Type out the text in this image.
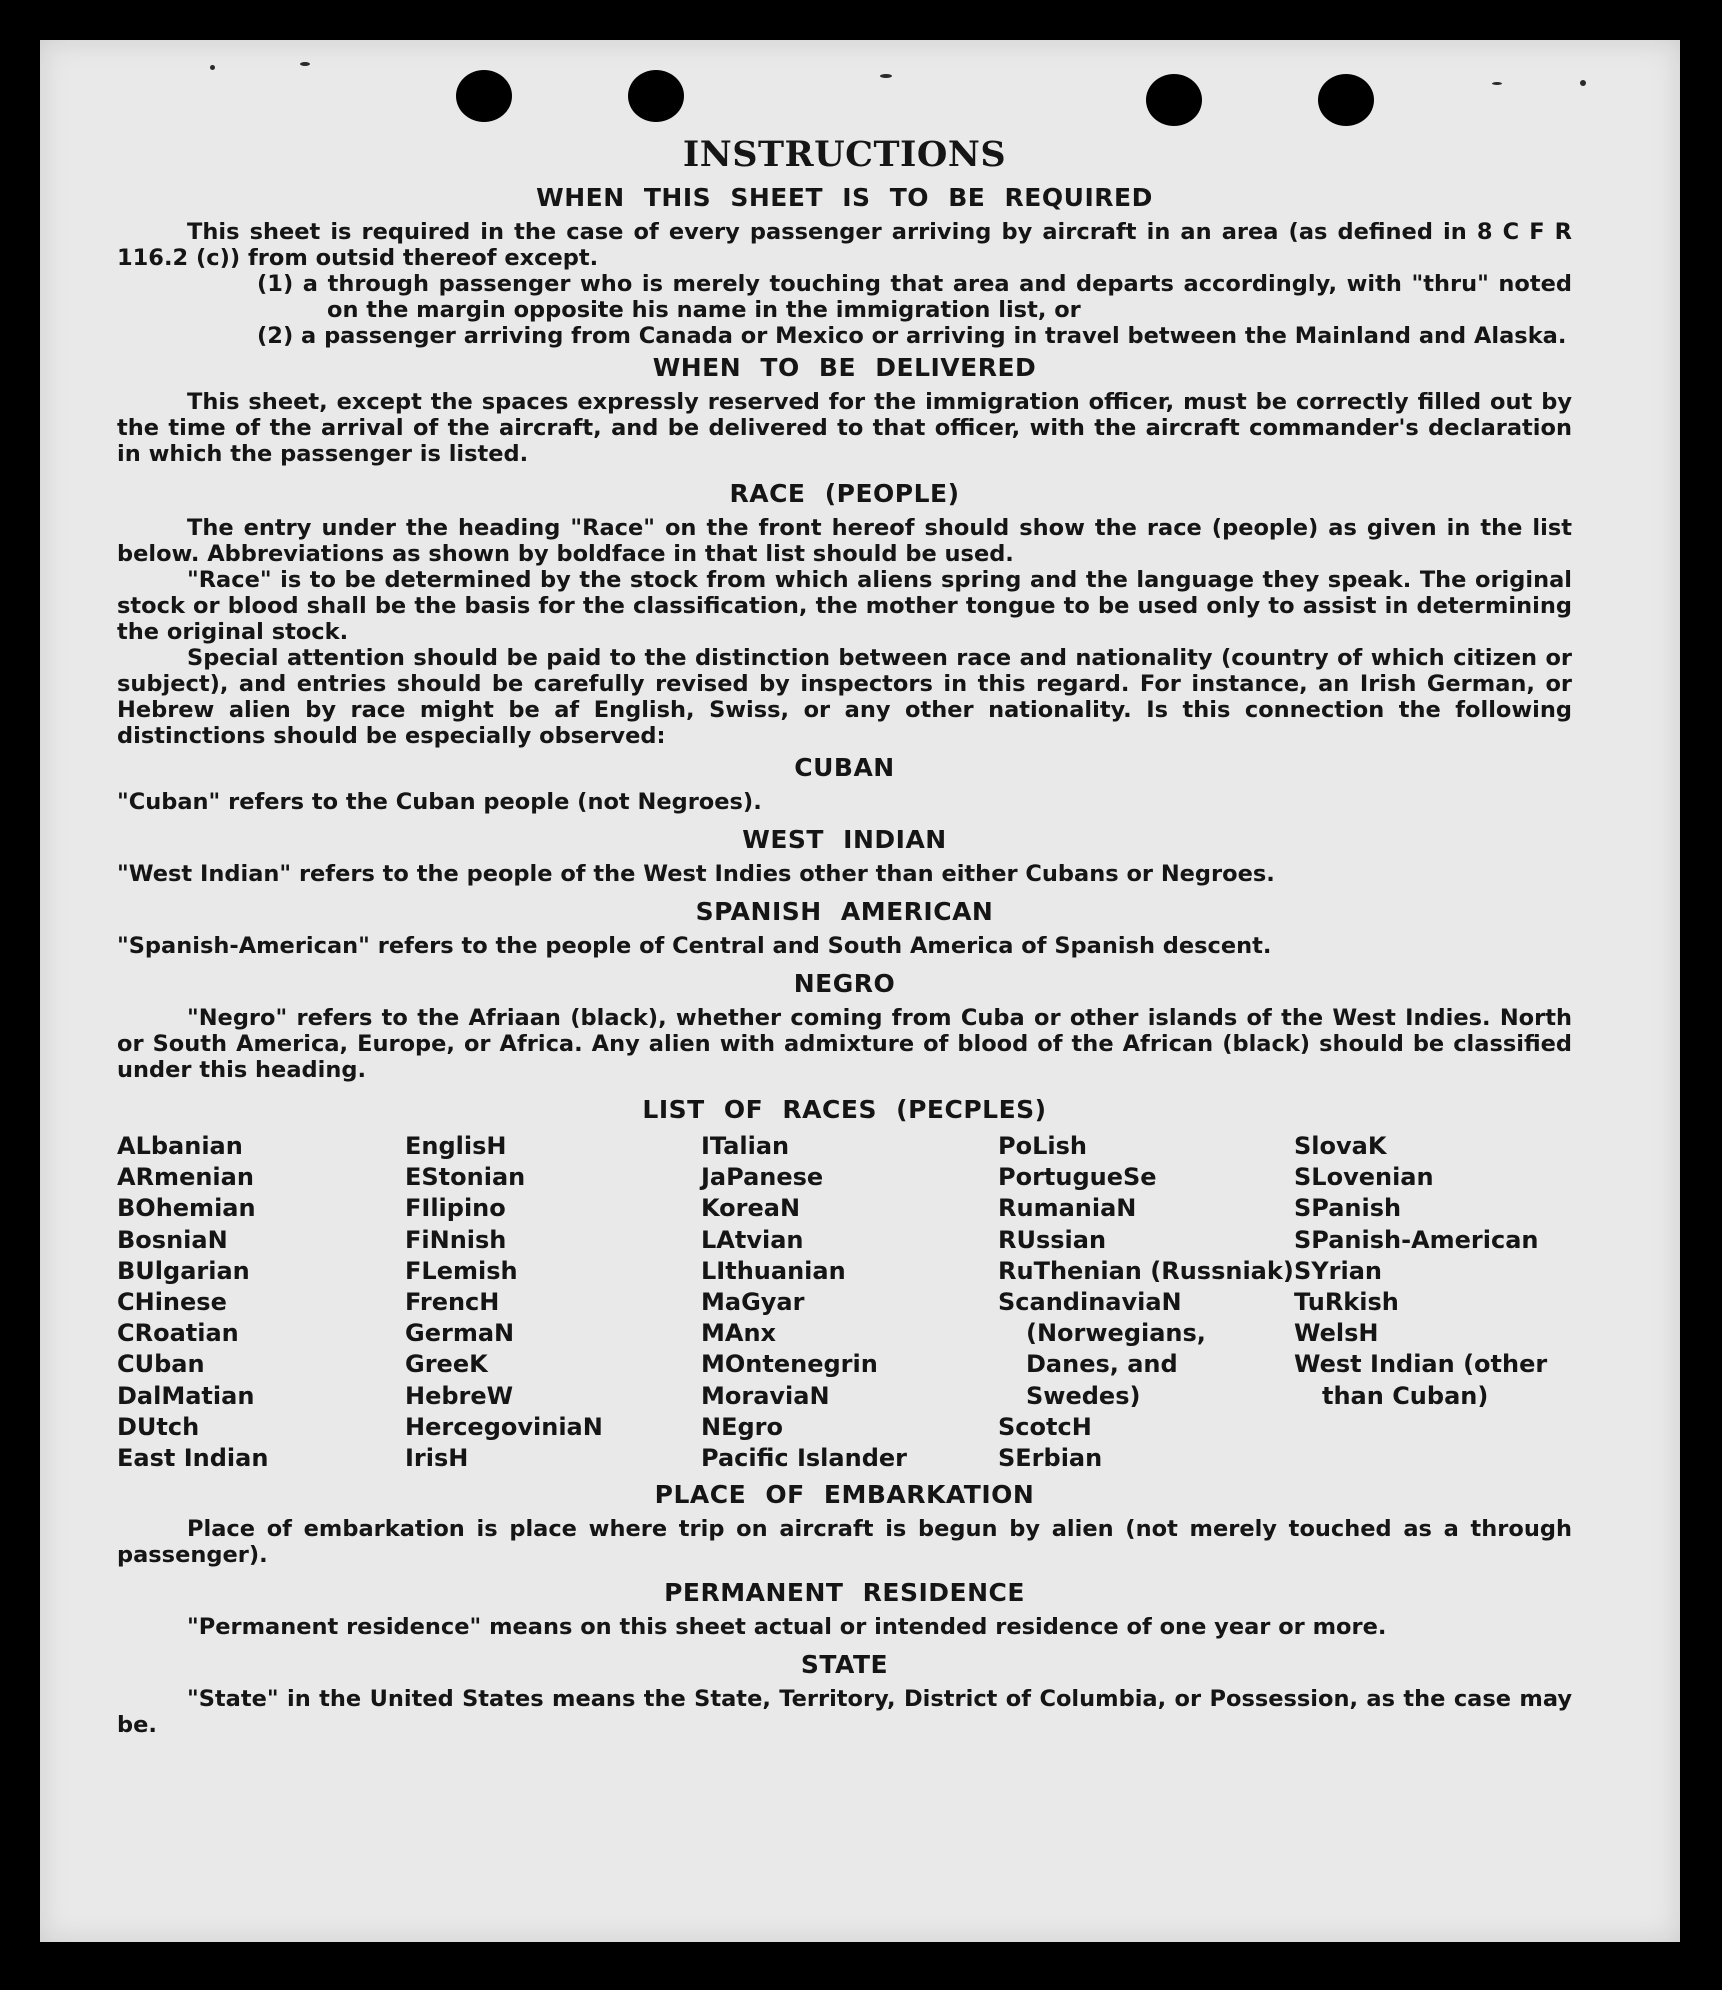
INSTRUCTIONS
WHEN THIS SHEET IS TO BE REQUIRED

This sheet is required in the case of every passenger arriving by aircraft in an area (as defined in 8 C F R 116.2 (c)) from outsid thereof except.

(1) a through passenger who is merely touching that area and departs accordingly, with "thru" noted on the margin opposite his name in the immigration list, or
(2) a passenger arriving from Canada or Mexico or arriving in travel between the Mainland and Alaska.
WHEN TO BE DELIVERED

This sheet, except the spaces expressly reserved for the immigration officer, must be correctly filled out by the time of the arrival of the aircraft, and be delivered to that officer, with the aircraft commander's declaration in which the passenger is listed.

RACE (PEOPLE)

The entry under the heading "Race" on the front hereof should show the race (people) as given in the list below. Abbreviations as shown by boldface in that list should be used.

"Race" is to be determined by the stock from which aliens spring and the language they speak. The original stock or blood shall be the basis for the classification, the mother tongue to be used only to assist in determining the original stock.

Special attention should be paid to the distinction between race and nationality (country of which citizen or subject), and entries should be carefully revised by inspectors in this regard. For instance, an Irish German, or Hebrew alien by race might be af English, Swiss, or any other nationality. Is this connection the following distinctions should be especially observed:

CUBAN

"Cuban" refers to the Cuban people (not Negroes).

WEST INDIAN

"West Indian" refers to the people of the West Indies other than either Cubans or Negroes.

SPANISH AMERICAN

"Spanish-American" refers to the people of Central and South America of Spanish descent.

NEGRO

"Negro" refers to the Afriaan (black), whether coming from Cuba or other islands of the West Indies. North or South America, Europe, or Africa. Any alien with admixture of blood of the African (black) should be classified under this heading.

LIST OF RACES (PECPLES)
ALbanian
ARmenian
BOhemian
BosniaN
BUlgarian
CHinese
CRoatian
CUban
DalMatian
DUtch
East Indian
EnglisH
EStonian
FIlipino
FiNnish
FLemish
FrencH
GermaN
GreeK
HebreW
HercegoviniaN
IrisH
ITalian
JaPanese
KoreaN
LAtvian
LIthuanian
MaGyar
MAnx
MOntenegrin
MoraviaN
NEgro
Pacific Islander
PoLish
PortugueSe
RumaniaN
RUssian
RuThenian (Russniak)
ScandinaviaN (Norwegians, Danes, and Swedes)
ScotcH
SErbian
SlovaK
SLovenian
SPanish
SPanish-American
SYrian
TuRkish
WelsH
West Indian (other than Cuban)
PLACE OF EMBARKATION

Place of embarkation is place where trip on aircraft is begun by alien (not merely touched as a through passenger).

PERMANENT RESIDENCE

"Permanent residence" means on this sheet actual or intended residence of one year or more.

STATE

"State" in the United States means the State, Territory, District of Columbia, or Possession, as the case may be.
